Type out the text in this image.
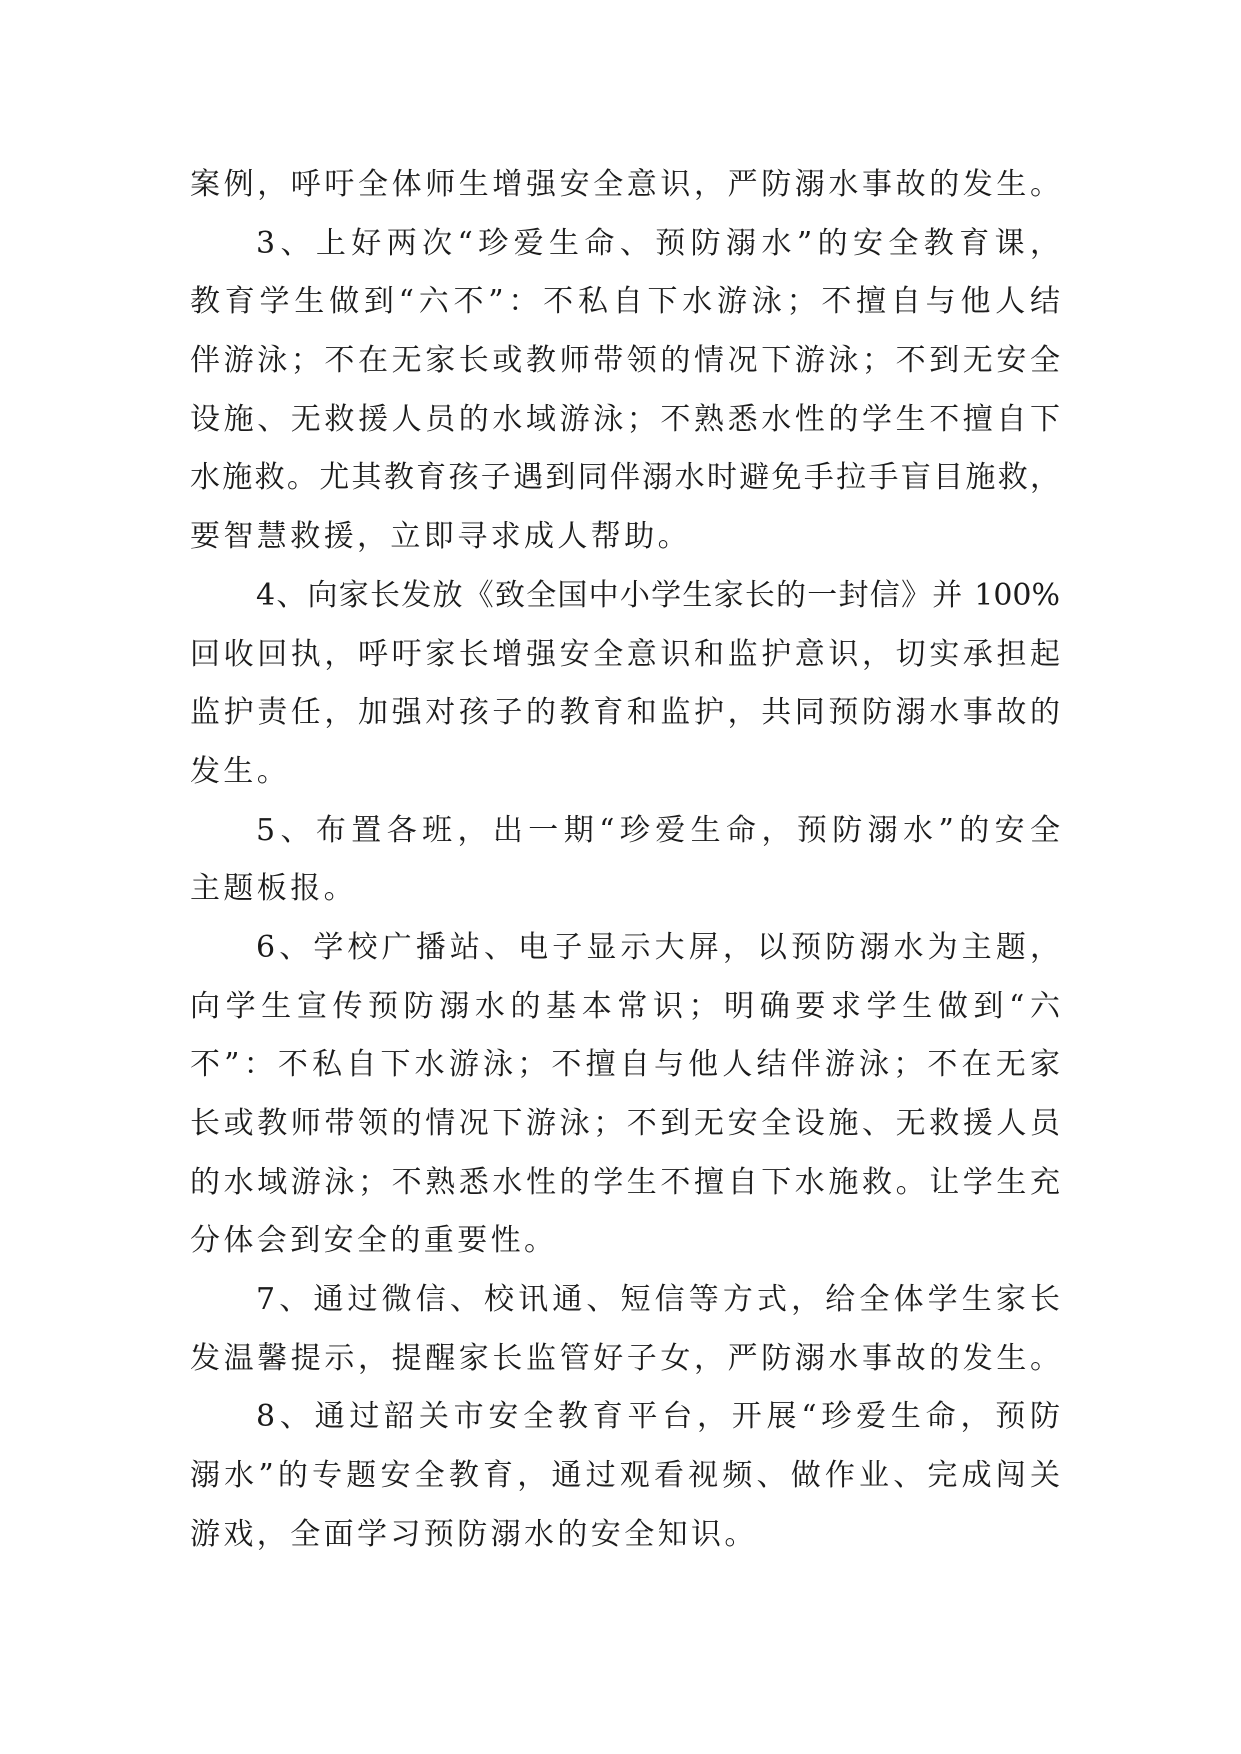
案例，呼吁全体师生增强安全意识，严防溺水事故的发生。
3、上好两次“珍爱生命、预防溺水”的安全教育课，
教育学生做到“六不”：不私自下水游泳；不擅自与他人结
伴游泳；不在无家长或教师带领的情况下游泳；不到无安全
设施、无救援人员的水域游泳；不熟悉水性的学生不擅自下
水施救。尤其教育孩子遇到同伴溺水时避免手拉手盲目施救，
要智慧救援，立即寻求成人帮助。
4、向家长发放《致全国中小学生家长的一封信》并 100%
回收回执，呼吁家长增强安全意识和监护意识，切实承担起
监护责任，加强对孩子的教育和监护，共同预防溺水事故的
发生。
5、布置各班，出一期“珍爱生命，预防溺水”的安全
主题板报。
6、学校广播站、电子显示大屏，以预防溺水为主题，
向学生宣传预防溺水的基本常识；明确要求学生做到“六
不”：不私自下水游泳；不擅自与他人结伴游泳；不在无家
长或教师带领的情况下游泳；不到无安全设施、无救援人员
的水域游泳；不熟悉水性的学生不擅自下水施救。让学生充
分体会到安全的重要性。
7、通过微信、校讯通、短信等方式，给全体学生家长
发温馨提示，提醒家长监管好子女，严防溺水事故的发生。
8、通过韶关市安全教育平台，开展“珍爱生命，预防
溺水”的专题安全教育，通过观看视频、做作业、完成闯关
游戏，全面学习预防溺水的安全知识。
